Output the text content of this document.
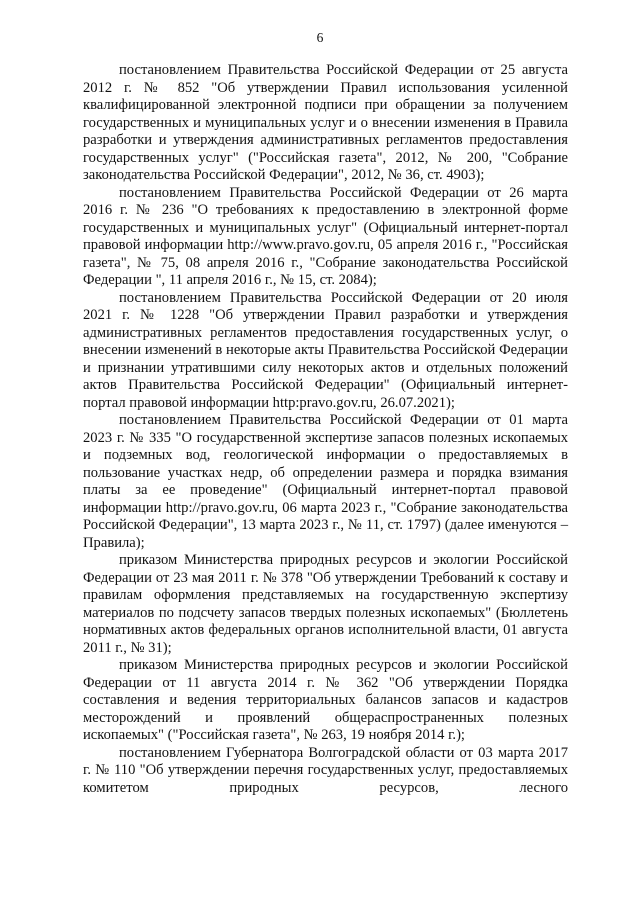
6

постановлением Правительства Российской Федерации от 25 августа 2012 г. № 852 "Об утверждении Правил использования усиленной квалифицированной электронной подписи при обращении за получением государственных и муниципальных услуг и о внесении изменения в Правила разработки и утверждения административных регламентов предоставления государственных услуг" ("Российская газета", 2012, № 200, "Собрание законодательства Российской Федерации", 2012, № 36, ст. 4903);

постановлением Правительства Российской Федерации от 26 марта 2016 г. № 236 "О требованиях к предоставлению в электронной форме государственных и муниципальных услуг" (Официальный интернет-портал правовой информации http://www.pravo.gov.ru, 05 апреля 2016 г., "Российская газета", № 75, 08 апреля 2016 г., "Собрание законодательства Российской Федерации ", 11 апреля 2016 г., № 15, ст. 2084);

постановлением Правительства Российской Федерации от 20 июля 2021 г. № 1228 "Об утверждении Правил разработки и утверждения административных регламентов предоставления государственных услуг, о внесении изменений в некоторые акты Правительства Российской Федерации и признании утратившими силу некоторых актов и отдельных положений актов Правительства Российской Федерации" (Официальный интернет-портал правовой информации http:pravo.gov.ru, 26.07.2021);

постановлением Правительства Российской Федерации от 01 марта 2023 г. № 335 "О государственной экспертизе запасов полезных ископаемых и подземных вод, геологической информации о предоставляемых в пользование участках недр, об определении размера и порядка взимания платы за ее проведение" (Официальный интернет-портал правовой информации http://pravo.gov.ru, 06 марта 2023 г., "Собрание законодательства Российской Федерации", 13 марта 2023 г., № 11, ст. 1797) (далее именуются – Правила);

приказом Министерства природных ресурсов и экологии Российской Федерации от 23 мая 2011 г. № 378 "Об утверждении Требований к составу и правилам оформления представляемых на государственную экспертизу материалов по подсчету запасов твердых полезных ископаемых" (Бюллетень нормативных актов федеральных органов исполнительной власти, 01 августа 2011 г., № 31);

приказом Министерства природных ресурсов и экологии Российской Федерации от 11 августа 2014 г. № 362 "Об утверждении Порядка составления и ведения территориальных балансов запасов и кадастров месторождений и проявлений общераспространенных полезных ископаемых" ("Российская газета", № 263, 19 ноября 2014 г.);

постановлением Губернатора Волгоградской области от 03 марта 2017 г. № 110 "Об утверждении перечня государственных услуг, предоставляемых комитетом природных ресурсов, лесного
